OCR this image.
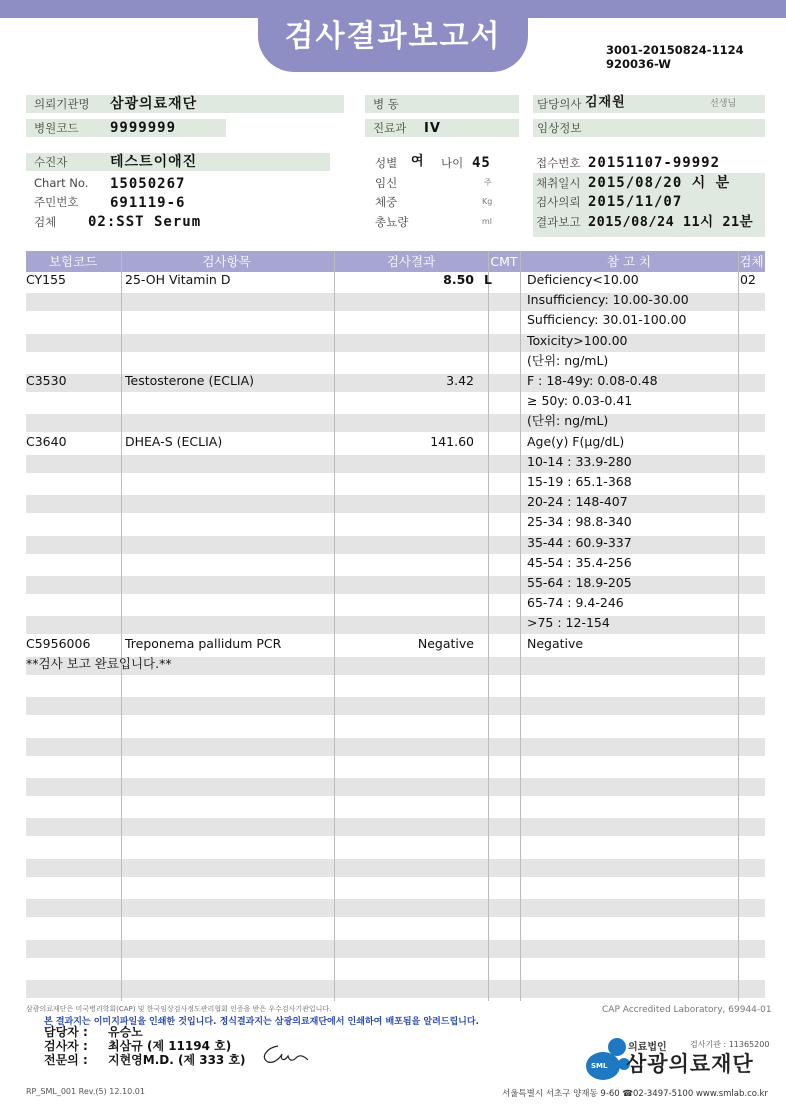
검사결과보고서	3001-20150824-1124
920036-W
의뢰기관명 삼광의료재단	병 동	담당의사 김재원	선생님
병원코드 9999999	진료과 IV	임상정보
수진자	테스트이애진	성별 여 나이 45	접수번호 20151107-99992
Chart No. 15050267	임신	주	채취일시 2015/08/20 시 분
주민번호 691119-6	체중	Kg	검사의뢰 2015/11/07
검체 02:SST Serum	총뇨량	ml	결과보고 2015/08/24 11시 21분
보험코드	검사항목	검사결과	CMT	참 고 치	검체
CY155	25-OH Vitamin D	8.50 L	Deficiency<10.00	02
Insufficiency: 10.00-30.00
Sufficiency: 30.01-100.00
Toxicity>100.00
(단위: ng/mL)
C3530	Testosterone (ECLIA)	3.42	F : 18-49y: 0.08-0.48
≥ 50y: 0.03-0.41
(단위: ng/mL)
C3640	DHEA-S (ECLIA)	141.60	Age(y) F(µg/dL)
10-14 : 33.9-280
15-19 : 65.1-368
20-24 : 148-407
25-34 : 98.8-340
35-44 : 60.9-337
45-54 : 35.4-256
55-64 : 18.9-205
65-74 : 9.4-246
>75 : 12-154
C5956006	Treponema pallidum PCR	Negative	Negative
**검사 보고 완료입니다.**
삼광의료재단은 미국병리학회(CAP) 및 한국임상검사정도관리협회 인증을 받은 우수검사기관입니다.	CAP Accredited Laboratory, 69944-01
본 결과지는 이미지파일을 인쇄한 것입니다. 정식결과지는 삼광의료재단에서 인쇄하여 배포됨을 알려드립니다.
담당자 : 유승노
검사자 : 최삼규 (제 11194 호)
전문의 : 지현영M.D. (제 333 호)	SML
의료법인	검사기관 : 11365200
삼광의료재단
RP_SML_001 Rev.(5) 12.10.01	서울특별시 서초구 양재동 9-60 ☎02-3497-5100 www.smlab.co.kr
